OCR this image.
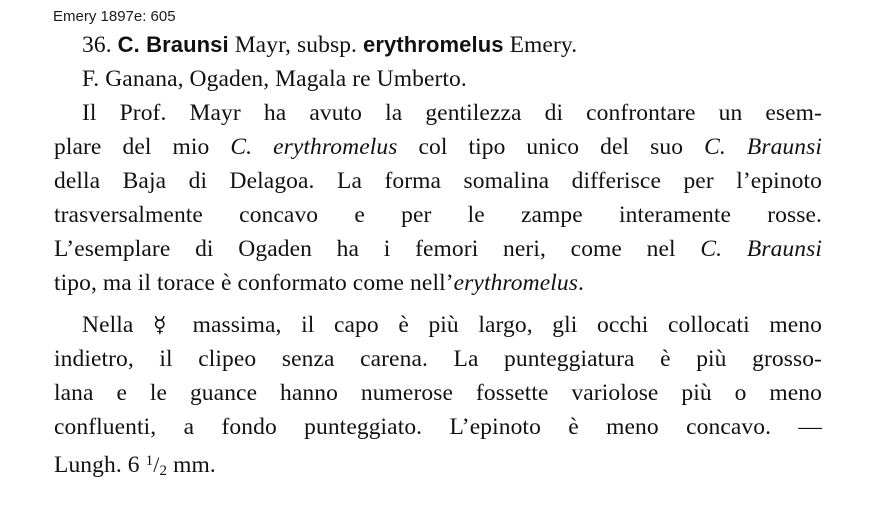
Emery 1897e: 605
36. C. Braunsi Mayr, subsp. erythromelus Emery.
F. Ganana, Ogaden, Magala re Umberto.
Il Prof. Mayr ha avuto la gentilezza di confrontare un esem-
plare del mio C. erythromelus col tipo unico del suo C. Braunsi
della Baja di Delagoa. La forma somalina differisce per l’epinoto
trasversalmente concavo e per le zampe interamente rosse.
L’esemplare di Ogaden ha i femori neri, come nel C. Braunsi
tipo, ma il torace è conformato come nell’erythromelus.
Nella ☿ massima, il capo è più largo, gli occhi collocati meno
indietro, il clipeo senza carena. La punteggiatura è più grosso-
lana e le guance hanno numerose fossette variolose più o meno
confluenti, a fondo punteggiato. L’epinoto è meno concavo. —
Lungh. 6 $^1$/2 mm.
